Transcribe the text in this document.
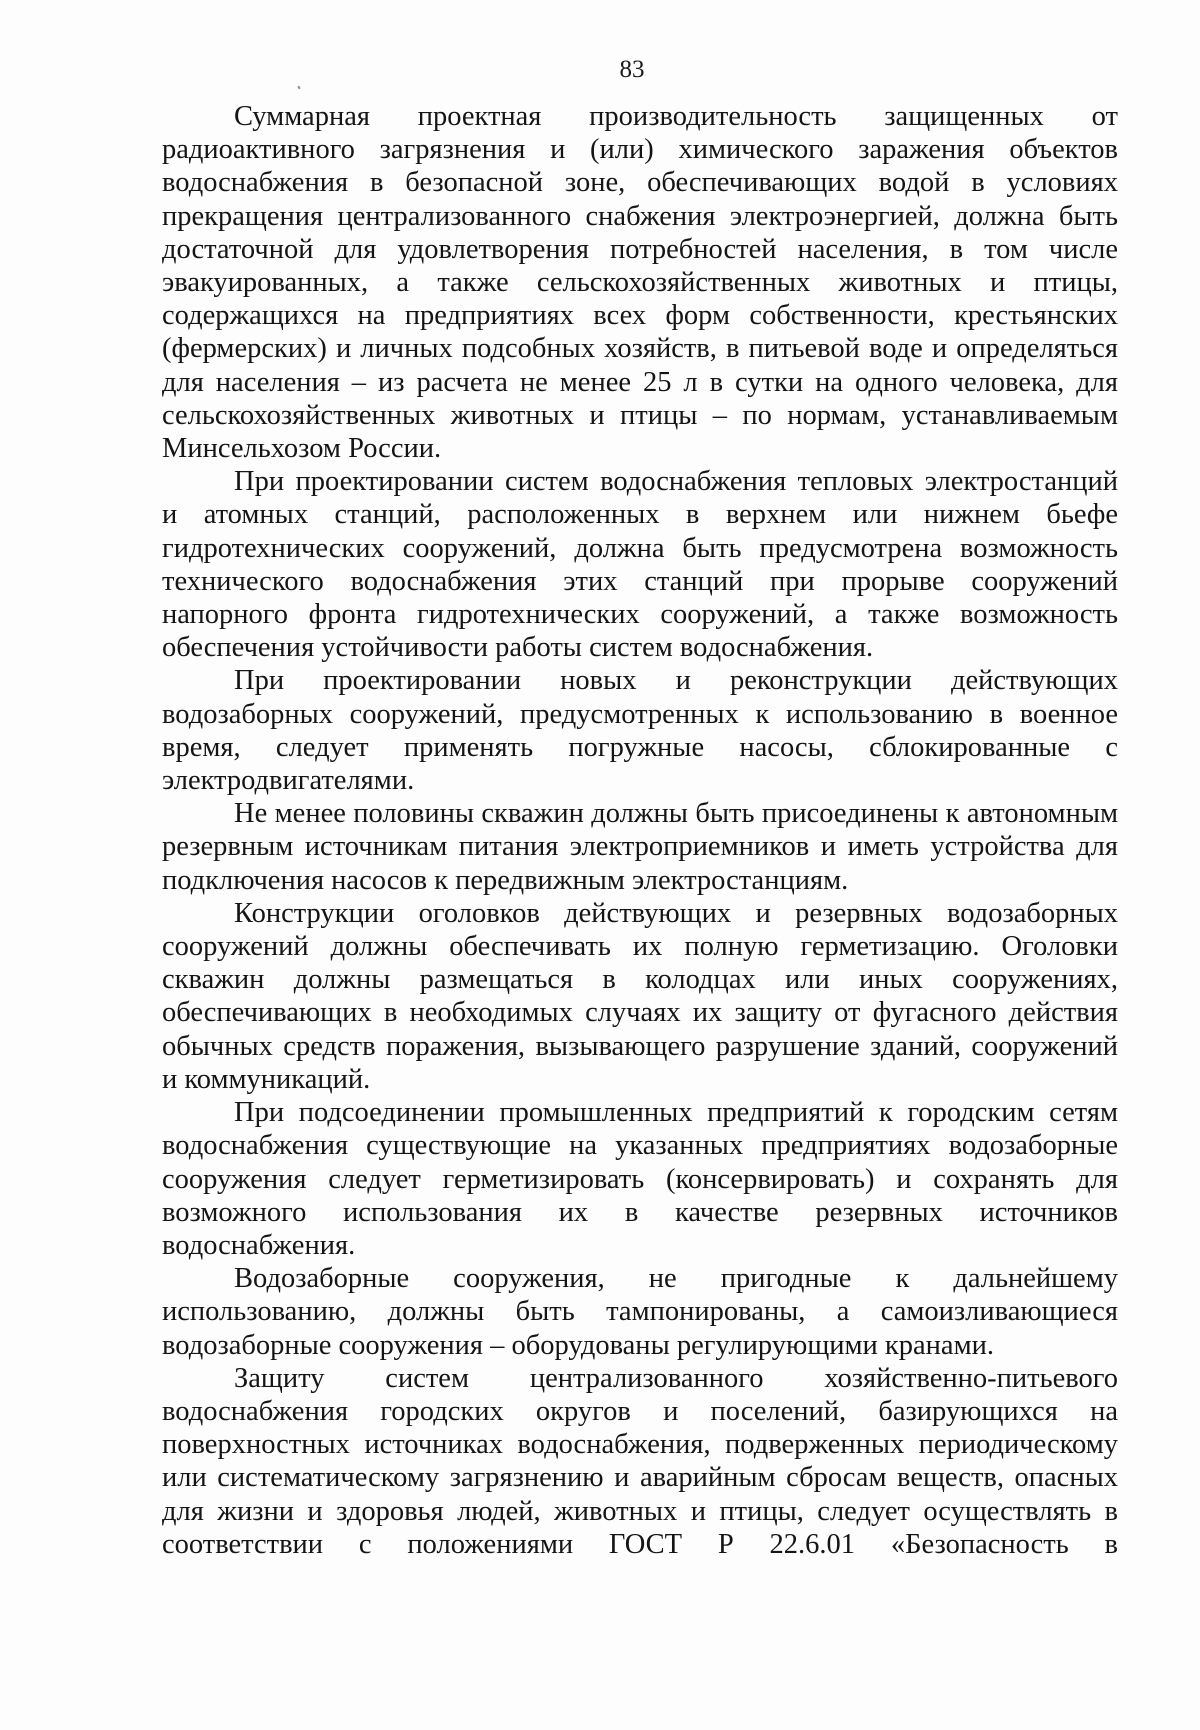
83

Суммарная проектная производительность защищенных от радиоактивного загрязнения и (или) химического заражения объектов водоснабжения в безопасной зоне, обеспечивающих водой в условиях прекращения централизованного снабжения электроэнергией, должна быть достаточной для удовлетворения потребностей населения, в том числе эвакуированных, а также сельскохозяйственных животных и птицы, содержащихся на предприятиях всех форм собственности, крестьянских (фермерских) и личных подсобных хозяйств, в питьевой воде и определяться для населения – из расчета не менее 25 л в сутки на одного человека, для сельскохозяйственных животных и птицы – по нормам, устанавливаемым Минсельхозом России.

При проектировании систем водоснабжения тепловых электростанций и атомных станций, расположенных в верхнем или нижнем бьефе гидротехнических сооружений, должна быть предусмотрена возможность технического водоснабжения этих станций при прорыве сооружений напорного фронта гидротехнических сооружений, а также возможность обеспечения устойчивости работы систем водоснабжения.

При проектировании новых и реконструкции действующих водозаборных сооружений, предусмотренных к использованию в военное время, следует применять погружные насосы, сблокированные с электродвигателями.

Не менее половины скважин должны быть присоединены к автономным резервным источникам питания электроприемников и иметь устройства для подключения насосов к передвижным электростанциям.

Конструкции оголовков действующих и резервных водозаборных сооружений должны обеспечивать их полную герметизацию. Оголовки скважин должны размещаться в колодцах или иных сооружениях, обеспечивающих в необходимых случаях их защиту от фугасного действия обычных средств поражения, вызывающего разрушение зданий, сооружений и коммуникаций.

При подсоединении промышленных предприятий к городским сетям водоснабжения существующие на указанных предприятиях водозаборные сооружения следует герметизировать (консервировать) и сохранять для возможного использования их в качестве резервных источников водоснабжения.

Водозаборные сооружения, не пригодные к дальнейшему использованию, должны быть тампонированы, а самоизливающиеся водозаборные сооружения – оборудованы регулирующими кранами.

Защиту систем централизованного хозяйственно-питьевого водоснабжения городских округов и поселений, базирующихся на поверхностных источниках водоснабжения, подверженных периодическому или систематическому загрязнению и аварийным сбросам веществ, опасных для жизни и здоровья людей, животных и птицы, следует осуществлять в соответствии с положениями ГОСТ Р 22.6.01 «Безопасность в
